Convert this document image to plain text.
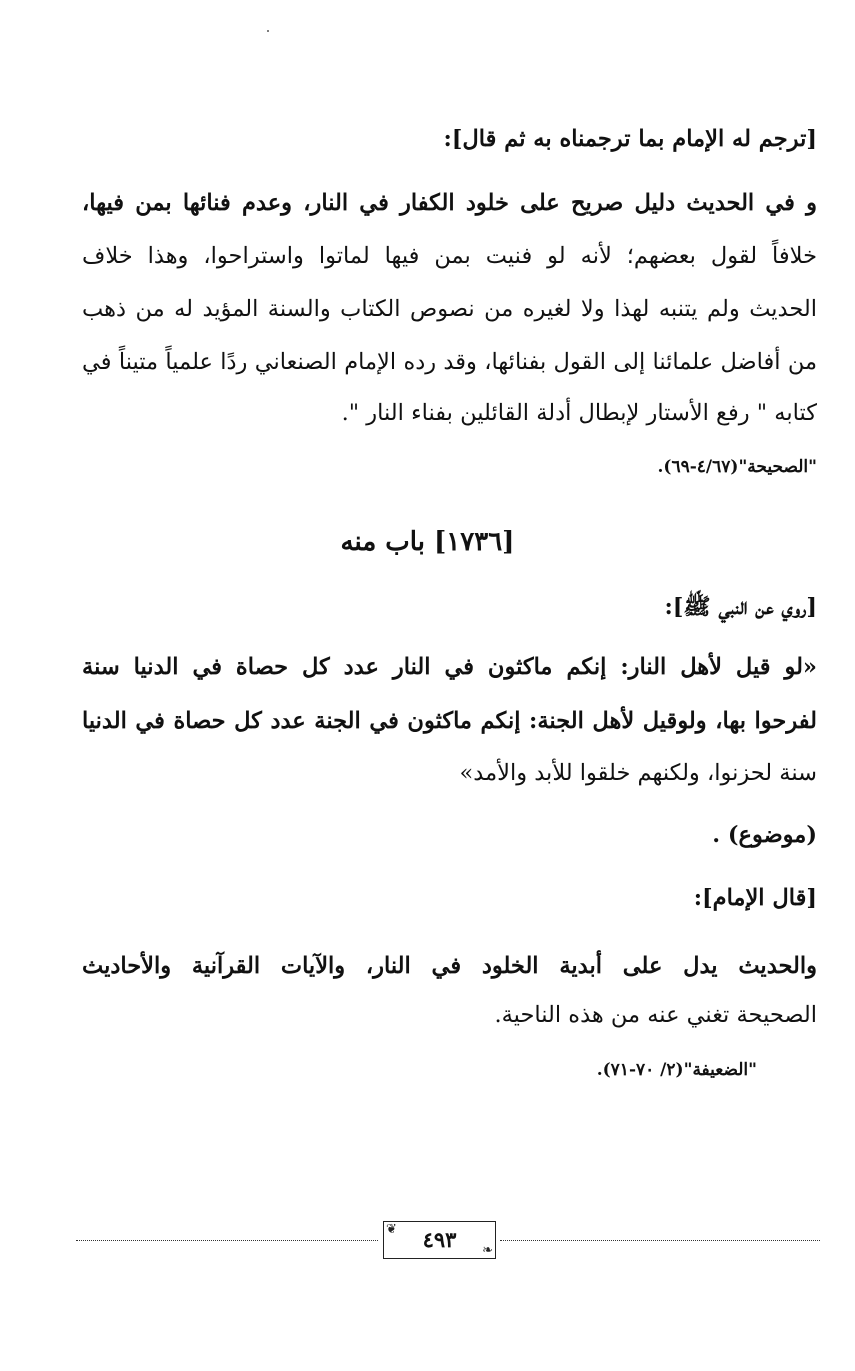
[ترجم له الإمام بما ترجمناه به ثم قال]:
و في الحديث دليل صريح على خلود الكفار في النار، وعدم فنائها بمن فيها،
خلافاً لقول بعضهم؛ لأنه لو فنيت بمن فيها لماتوا واستراحوا، وهذا خلاف
الحديث ولم يتنبه لهذا ولا لغيره من نصوص الكتاب والسنة المؤيد له من ذهب
من أفاضل علمائنا إلى القول بفنائها، وقد رده الإمام الصنعاني ردًا علمياً متيناً في
كتابه " رفع الأستار لإبطال أدلة القائلين بفناء النار ".
"الصحيحة"(٤/٦٧-٦٩).
[١٧٣٦] باب منه
[روي عن النبي ﷺ]:
«لو قيل لأهل النار: إنكم ماكثون في النار عدد كل حصاة في الدنيا سنة
لفرحوا بها، ولوقيل لأهل الجنة: إنكم ماكثون في الجنة عدد كل حصاة في الدنيا
سنة لحزنوا، ولكنهم خلقوا للأبد والأمد»
(موضوع) .
[قال الإمام]:
والحديث يدل على أبدية الخلود في النار، والآيات القرآنية والأحاديث
الصحيحة تغني عنه من هذه الناحية.
"الضعيفة"(٢/ ٧٠-٧١).
❦	٤٩٣	❧
